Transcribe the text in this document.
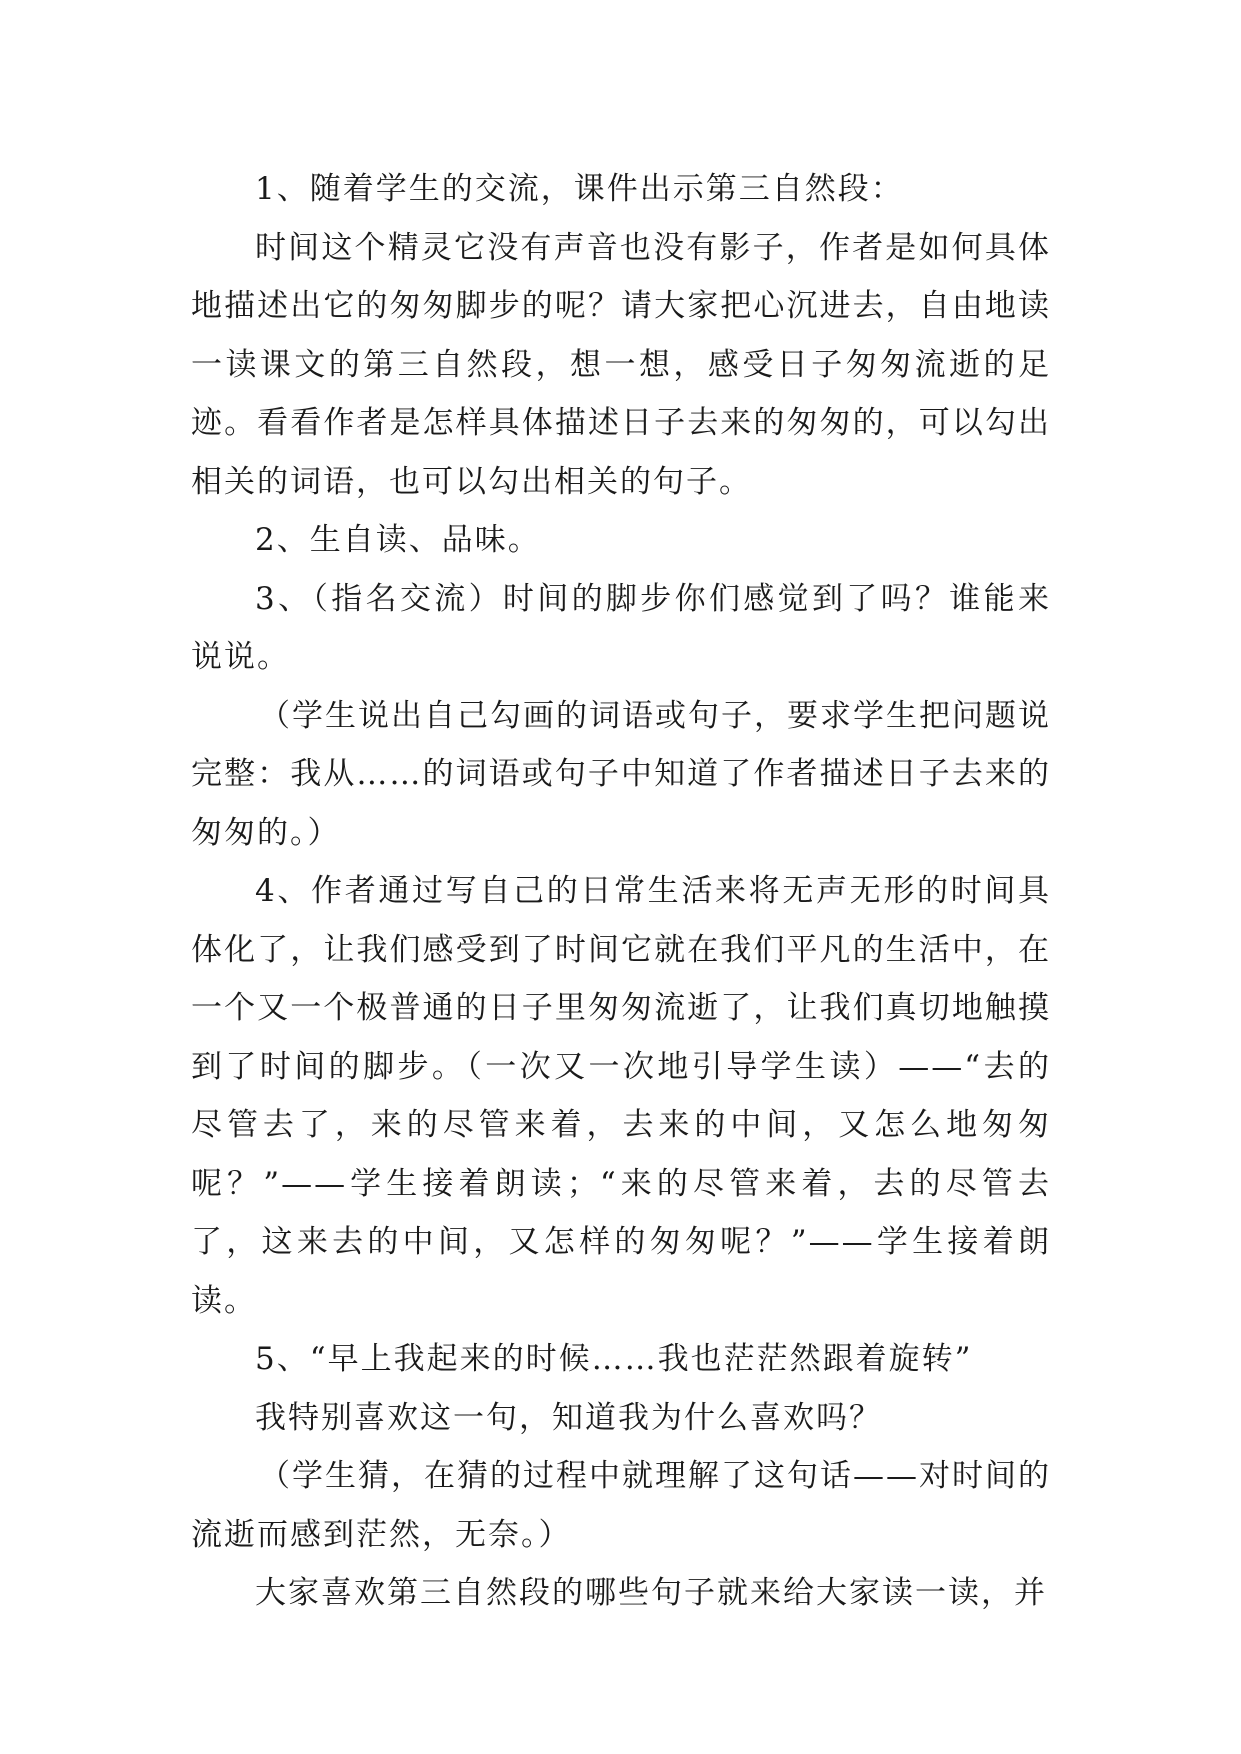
1、随着学生的交流，课件出示第三自然段：

时间这个精灵它没有声音也没有影子，作者是如何具体地描述出它的匆匆脚步的呢？请大家把心沉进去，自由地读一读课文的第三自然段，想一想，感受日子匆匆流逝的足迹。看看作者是怎样具体描述日子去来的匆匆的，可以勾出相关的词语，也可以勾出相关的句子。

2、生自读、品味。

3、（指名交流）时间的脚步你们感觉到了吗？谁能来说说。

（学生说出自己勾画的词语或句子，要求学生把问题说完整：我从……的词语或句子中知道了作者描述日子去来的匆匆的。）

4、作者通过写自己的日常生活来将无声无形的时间具体化了，让我们感受到了时间它就在我们平凡的生活中，在一个又一个极普通的日子里匆匆流逝了，让我们真切地触摸到了时间的脚步。（一次又一次地引导学生读）——“去的尽管去了，来的尽管来着，去来的中间，又怎么地匆匆呢？”——学生接着朗读；“来的尽管来着，去的尽管去了，这来去的中间，又怎样的匆匆呢？”——学生接着朗读。

5、“早上我起来的时候……我也茫茫然跟着旋转”

我特别喜欢这一句，知道我为什么喜欢吗？

（学生猜，在猜的过程中就理解了这句话——对时间的流逝而感到茫然，无奈。）

大家喜欢第三自然段的哪些句子就来给大家读一读，并
